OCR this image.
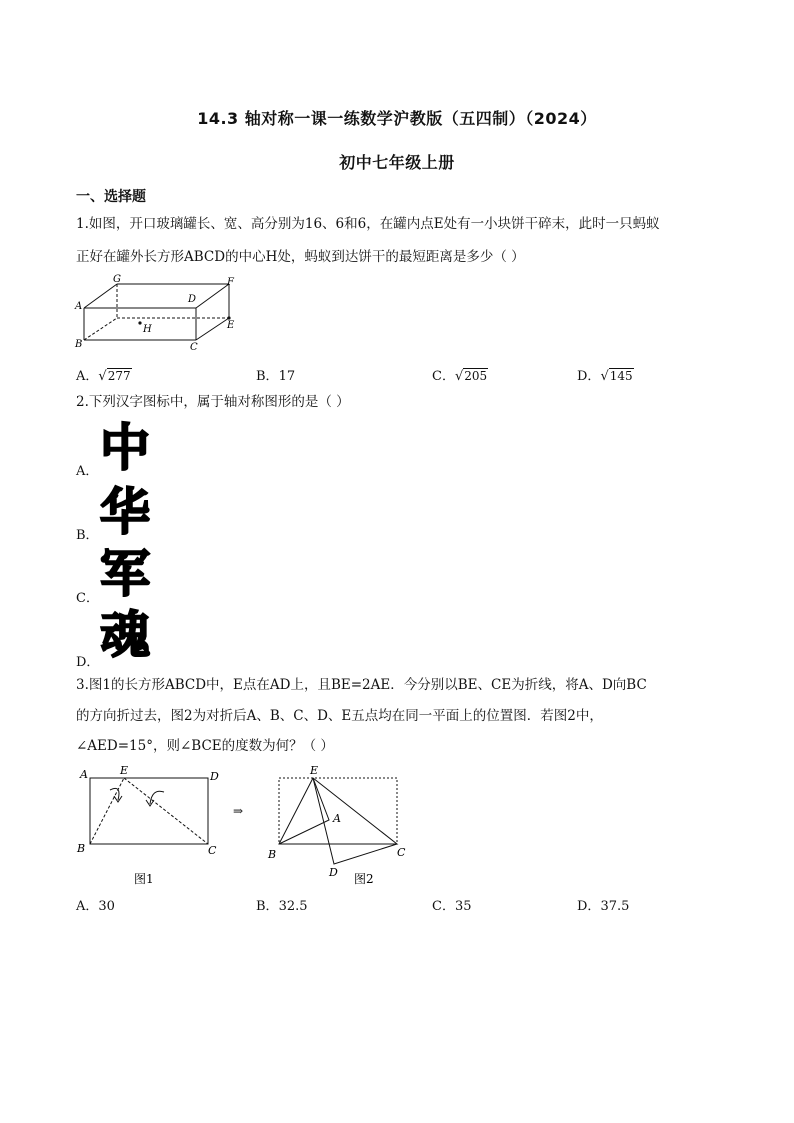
14.3 轴对称一课一练数学沪教版（五四制）（2024）
初中七年级上册
一、选择题
1.如图，开口玻璃罐长、宽、高分别为16、6和6，在罐内点E处有一小块饼干碎末，此时一只蚂蚁
正好在罐外长方形ABCD的中心H处，蚂蚁到达饼干的最短距离是多少（ ）
A
B	C
D
E
F
G
H
A．√277	B．17	C．√205	D．√145
2.下列汉字图标中，属于轴对称图形的是（ ）
A． 中
B． 华
C． 军
D． 魂
3.图1的长方形ABCD中，E点在AD上，且BE=2AE．今分别以BE、CE为折线，将A、D向BC
的方向折过去，图2为对折后A、B、C、D、E五点均在同一平面上的位置图．若图2中，
∠AED=15°，则∠BCE的度数为何？（ ）
A	E	D
B	C
图1
⇒
E
A
B	C
D 图2
A．30	B．32.5	C．35	D．37.5
